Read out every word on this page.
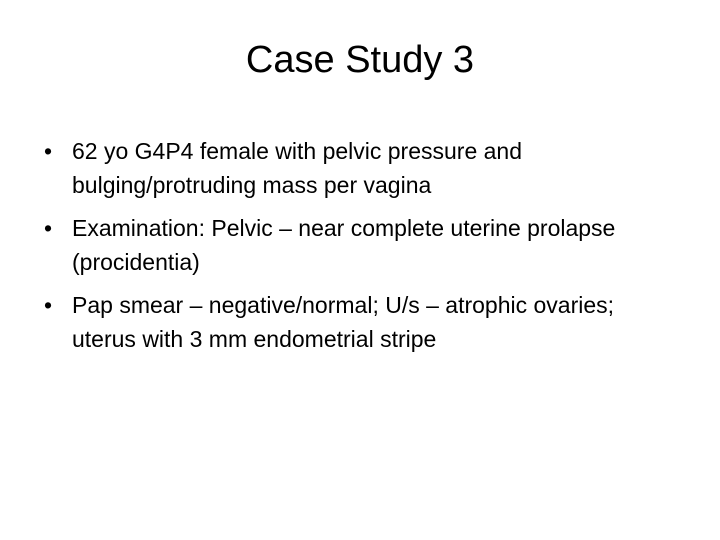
Case Study 3
• 62 yo G4P4 female with pelvic pressure and bulging/protruding mass per vagina
• Examination: Pelvic – near complete uterine prolapse (procidentia)
• Pap smear – negative/normal; U/s – atrophic ovaries; uterus with 3 mm endometrial stripe
